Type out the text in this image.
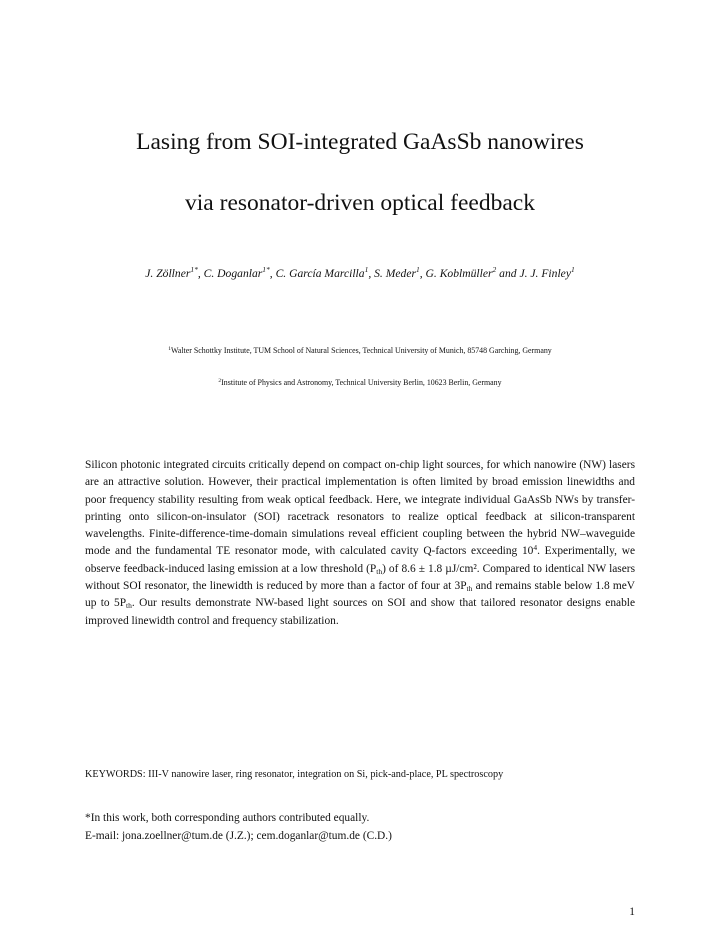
Lasing from SOI-integrated GaAsSb nanowires
via resonator-driven optical feedback
J. Zöllner$^{1*}$, C. Doganlar$^{1*}$, C. García Marcilla$^1$, S. Meder$^1$, G. Koblmüller$^2$ and J. J. Finley$^1$
$^1$Walter Schottky Institute, TUM School of Natural Sciences, Technical University of Munich, 85748 Garching, Germany
$^2$Institute of Physics and Astronomy, Technical University Berlin, 10623 Berlin, Germany

Silicon photonic integrated circuits critically depend on compact on-chip light sources, for which nanowire (NW) lasers are an attractive solution. However, their practical implementation is often limited by broad emission linewidths and poor frequency stability resulting from weak optical feedback. Here, we integrate individual GaAsSb NWs by transfer-printing onto silicon-on-insulator (SOI) racetrack resonators to realize optical feedback at silicon-transparent wavelengths. Finite-difference-time-domain simulations reveal efficient coupling between the hybrid NW–waveguide mode and the fundamental TE resonator mode, with calculated cavity Q-factors exceeding $10^4$. Experimentally, we observe feedback-induced lasing emission at a low threshold $(P_{th})$ of 8.6 ± 1.8 µJ/cm². Compared to identical NW lasers without SOI resonator, the linewidth is reduced by more than a factor of four at $3P_{th}$ and remains stable below 1.8 meV up to $5P_{th}$. Our results demonstrate NW-based light sources on SOI and show that tailored resonator designs enable improved linewidth control and frequency stabilization.

KEYWORDS: III-V nanowire laser, ring resonator, integration on Si, pick-and-place, PL spectroscopy
*In this work, both corresponding authors contributed equally.
E-mail: jona.zoellner@tum.de (J.Z.); cem.doganlar@tum.de (C.D.)
1
